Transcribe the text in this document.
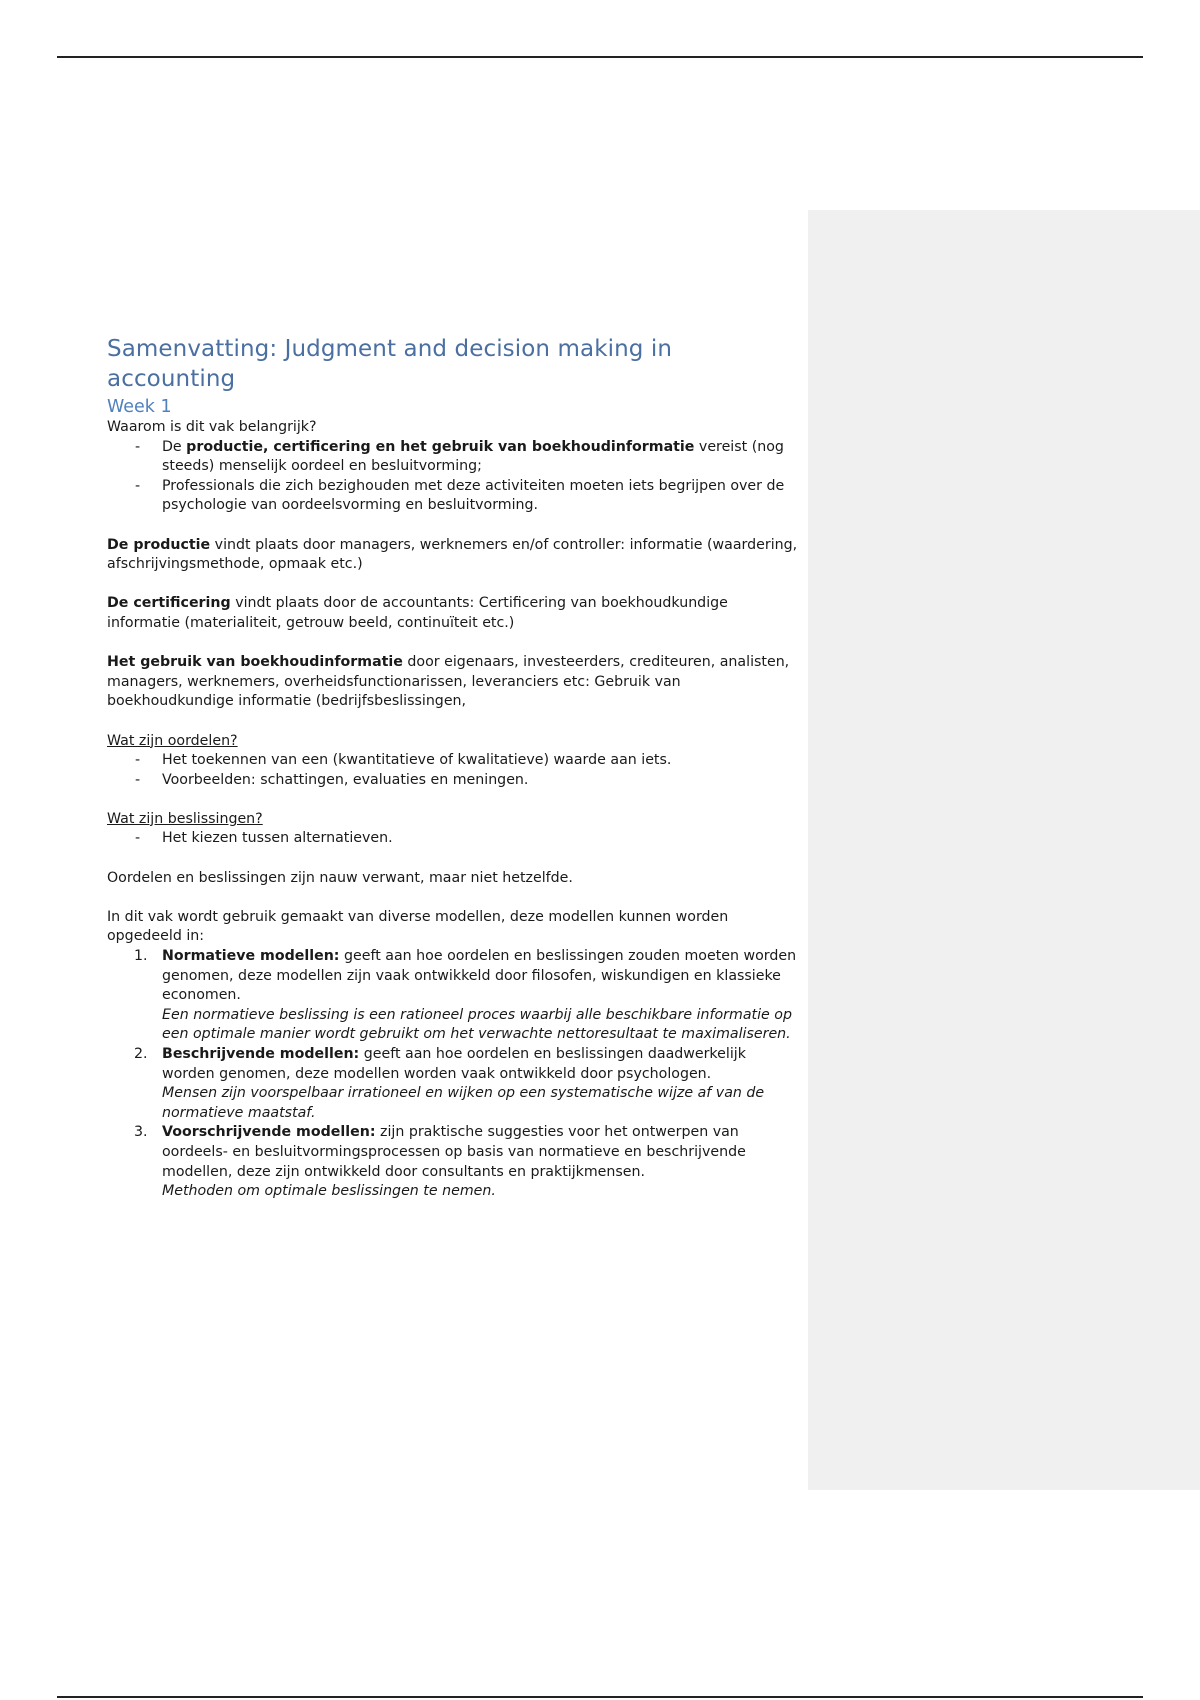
Samenvatting: Judgment and decision making in accounting
Week 1

Waarom is dit vak belangrijk?

- De productie, certificering en het gebruik van boekhoudinformatie vereist (nog steeds) menselijk oordeel en besluitvorming;
- Professionals die zich bezighouden met deze activiteiten moeten iets begrijpen over de psychologie van oordeelsvorming en besluitvorming.

De productie vindt plaats door managers, werknemers en/of controller: informatie (waardering, afschrijvingsmethode, opmaak etc.)

De certificering vindt plaats door de accountants: Certificering van boekhoudkundige informatie (materialiteit, getrouw beeld, continuïteit etc.)

Het gebruik van boekhoudinformatie door eigenaars, investeerders, crediteuren, analisten, managers, werknemers, overheidsfunctionarissen, leveranciers etc: Gebruik van boekhoudkundige informatie (bedrijfsbeslissingen,

Wat zijn oordelen?

- Het toekennen van een (kwantitatieve of kwalitatieve) waarde aan iets.
- Voorbeelden: schattingen, evaluaties en meningen.

Wat zijn beslissingen?

- Het kiezen tussen alternatieven.

Oordelen en beslissingen zijn nauw verwant, maar niet hetzelfde.

In dit vak wordt gebruik gemaakt van diverse modellen, deze modellen kunnen worden opgedeeld in:

1. Normatieve modellen: geeft aan hoe oordelen en beslissingen zouden moeten worden genomen, deze modellen zijn vaak ontwikkeld door filosofen, wiskundigen en klassieke economen.
Een normatieve beslissing is een rationeel proces waarbij alle beschikbare informatie op een optimale manier wordt gebruikt om het verwachte nettoresultaat te maximaliseren.
2. Beschrijvende modellen: geeft aan hoe oordelen en beslissingen daadwerkelijk worden genomen, deze modellen worden vaak ontwikkeld door psychologen.
Mensen zijn voorspelbaar irrationeel en wijken op een systematische wijze af van de normatieve maatstaf.
3. Voorschrijvende modellen: zijn praktische suggesties voor het ontwerpen van oordeels- en besluitvormingsprocessen op basis van normatieve en beschrijvende modellen, deze zijn ontwikkeld door consultants en praktijkmensen.
Methoden om optimale beslissingen te nemen.
